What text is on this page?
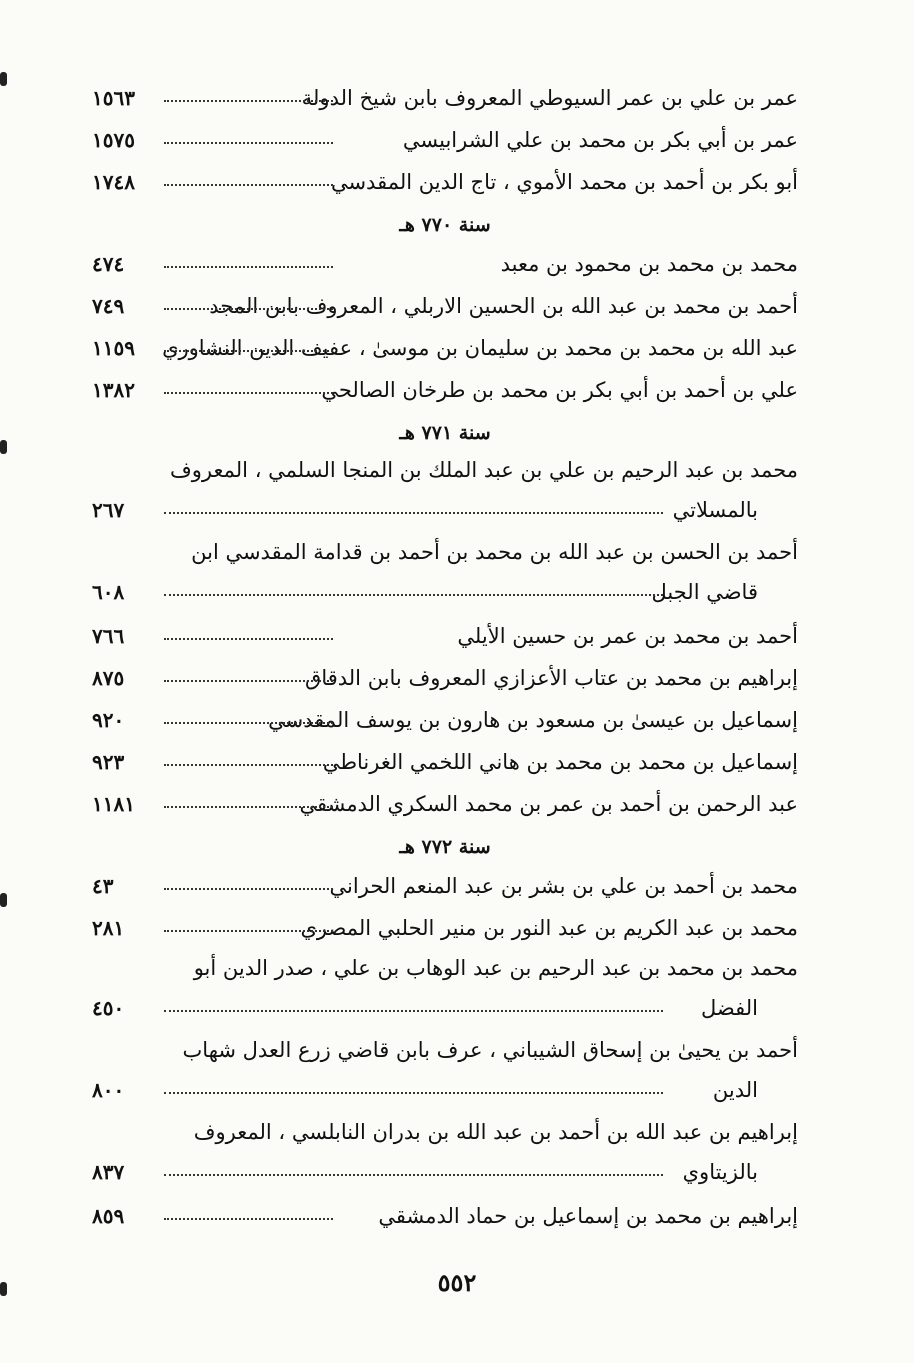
عمر بن علي بن عمر السيوطي المعروف بابن شيخ الدولة
١٥٦٣
عمر بن أبي بكر بن محمد بن علي الشرابيسي
١٥٧٥
أبو بكر بن أحمد بن محمد الأموي ، تاج الدين المقدسي
١٧٤٨
سنة ٧٧٠ هـ
محمد بن محمد بن محمود بن معبد
٤٧٤
أحمد بن محمد بن عبد الله بن الحسين الاربلي ، المعروف بابن المجد
٧٤٩
عبد الله بن محمد بن محمد بن سليمان بن موسىٰ ، عفيف الدين النشاوري
١١٥٩
علي بن أحمد بن أبي بكر بن محمد بن طرخان الصالحي
١٣٨٢
سنة ٧٧١ هـ
محمد بن عبد الرحيم بن علي بن عبد الملك بن المنجا السلمي ، المعروف
بالمسلاتي
٢٦٧
أحمد بن الحسن بن عبد الله بن محمد بن أحمد بن قدامة المقدسي ابن
قاضي الجبل
٦٠٨
أحمد بن محمد بن عمر بن حسين الأيلي
٧٦٦
إبراهيم بن محمد بن عتاب الأعزازي المعروف بابن الدقاق
٨٧٥
إسماعيل بن عيسىٰ بن مسعود بن هارون بن يوسف المقدسي
٩٢٠
إسماعيل بن محمد بن محمد بن هاني اللخمي الغرناطي
٩٢٣
عبد الرحمن بن أحمد بن عمر بن محمد السكري الدمشقي
١١٨١
سنة ٧٧٢ هـ
محمد بن أحمد بن علي بن بشر بن عبد المنعم الحراني
٤٣
محمد بن عبد الكريم بن عبد النور بن منير الحلبي المصري
٢٨١
محمد بن محمد بن عبد الرحيم بن عبد الوهاب بن علي ، صدر الدين أبو
الفضل
٤٥٠
أحمد بن يحيىٰ بن إسحاق الشيباني ، عرف بابن قاضي زرع العدل شهاب
الدين
٨٠٠
إبراهيم بن عبد الله بن أحمد بن عبد الله بن بدران النابلسي ، المعروف
بالزيتاوي
٨٣٧
إبراهيم بن محمد بن إسماعيل بن حماد الدمشقي
٨٥٩
٥٥٢
